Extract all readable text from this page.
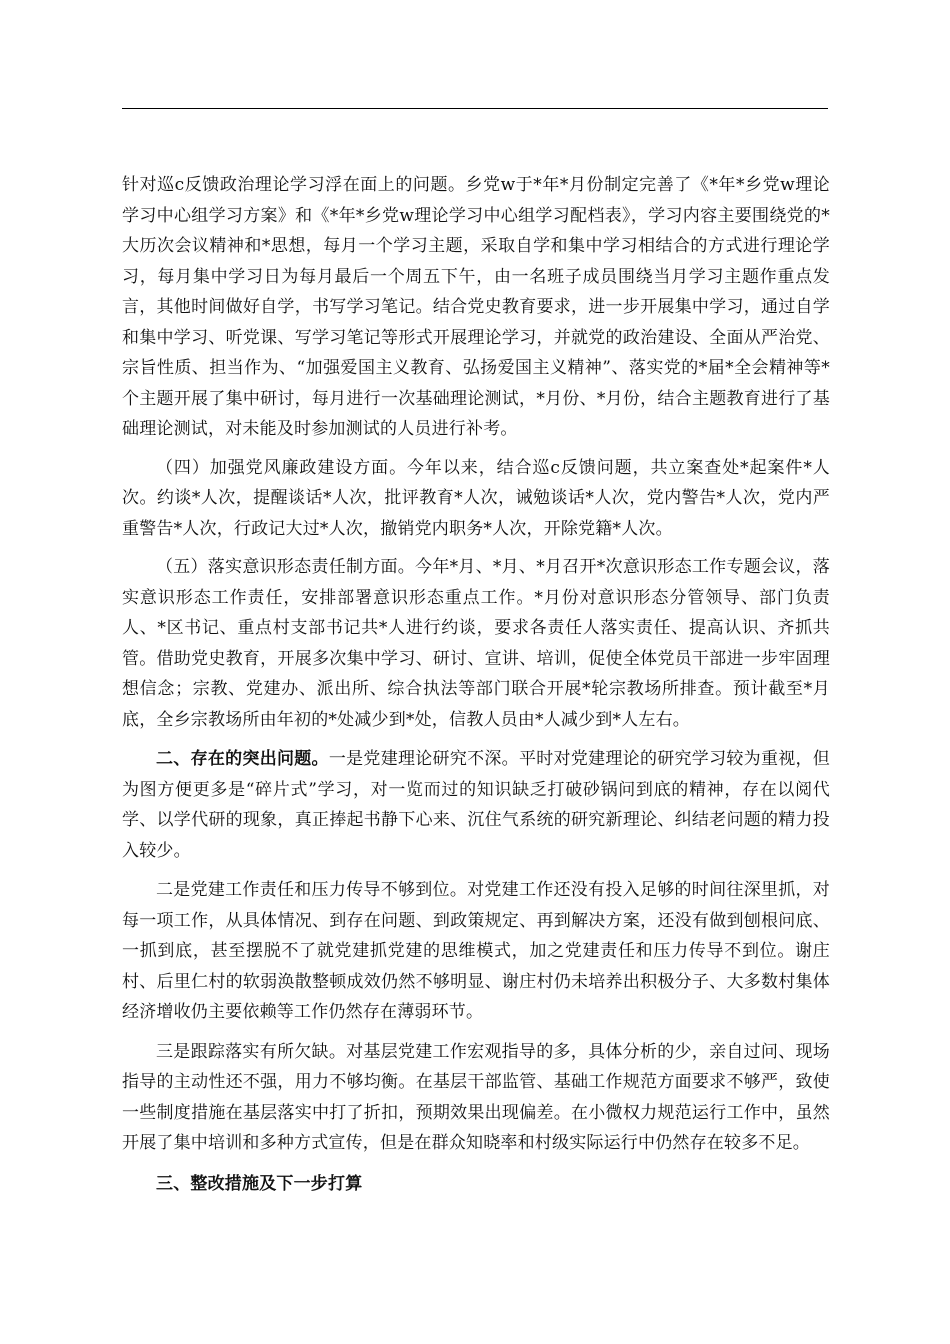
针对巡c反馈政治理论学习浮在面上的问题。乡党w于*年*月份制定完善了《*年*乡党w理论学习中心组学习方案》和《*年*乡党w理论学习中心组学习配档表》，学习内容主要围绕党的*大历次会议精神和*思想，每月一个学习主题，采取自学和集中学习相结合的方式进行理论学习，每月集中学习日为每月最后一个周五下午，由一名班子成员围绕当月学习主题作重点发言，其他时间做好自学，书写学习笔记。结合党史教育要求，进一步开展集中学习，通过自学和集中学习、听党课、写学习笔记等形式开展理论学习，并就党的政治建设、全面从严治党、宗旨性质、担当作为、“加强爱国主义教育、弘扬爱国主义精神”、落实党的*届*全会精神等*个主题开展了集中研讨，每月进行一次基础理论测试，*月份、*月份，结合主题教育进行了基础理论测试，对未能及时参加测试的人员进行补考。

（四）加强党风廉政建设方面。今年以来，结合巡c反馈问题，共立案查处*起案件*人次。约谈*人次，提醒谈话*人次，批评教育*人次，诫勉谈话*人次，党内警告*人次，党内严重警告*人次，行政记大过*人次，撤销党内职务*人次，开除党籍*人次。

（五）落实意识形态责任制方面。今年*月、*月、*月召开*次意识形态工作专题会议，落实意识形态工作责任，安排部署意识形态重点工作。*月份对意识形态分管领导、部门负责人、*区书记、重点村支部书记共*人进行约谈，要求各责任人落实责任、提高认识、齐抓共管。借助党史教育，开展多次集中学习、研讨、宣讲、培训，促使全体党员干部进一步牢固理想信念；宗教、党建办、派出所、综合执法等部门联合开展*轮宗教场所排查。预计截至*月底，全乡宗教场所由年初的*处减少到*处，信教人员由*人减少到*人左右。

二、存在的突出问题。一是党建理论研究不深。平时对党建理论的研究学习较为重视，但为图方便更多是“碎片式”学习，对一览而过的知识缺乏打破砂锅问到底的精神，存在以阅代学、以学代研的现象，真正捧起书静下心来、沉住气系统的研究新理论、纠结老问题的精力投入较少。

二是党建工作责任和压力传导不够到位。对党建工作还没有投入足够的时间往深里抓，对每一项工作，从具体情况、到存在问题、到政策规定、再到解决方案，还没有做到刨根问底、一抓到底，甚至摆脱不了就党建抓党建的思维模式，加之党建责任和压力传导不到位。谢庄村、后里仁村的软弱涣散整顿成效仍然不够明显、谢庄村仍未培养出积极分子、大多数村集体经济增收仍主要依赖等工作仍然存在薄弱环节。

三是跟踪落实有所欠缺。对基层党建工作宏观指导的多，具体分析的少，亲自过问、现场指导的主动性还不强，用力不够均衡。在基层干部监管、基础工作规范方面要求不够严，致使一些制度措施在基层落实中打了折扣，预期效果出现偏差。在小微权力规范运行工作中，虽然开展了集中培训和多种方式宣传，但是在群众知晓率和村级实际运行中仍然存在较多不足。

三、整改措施及下一步打算
